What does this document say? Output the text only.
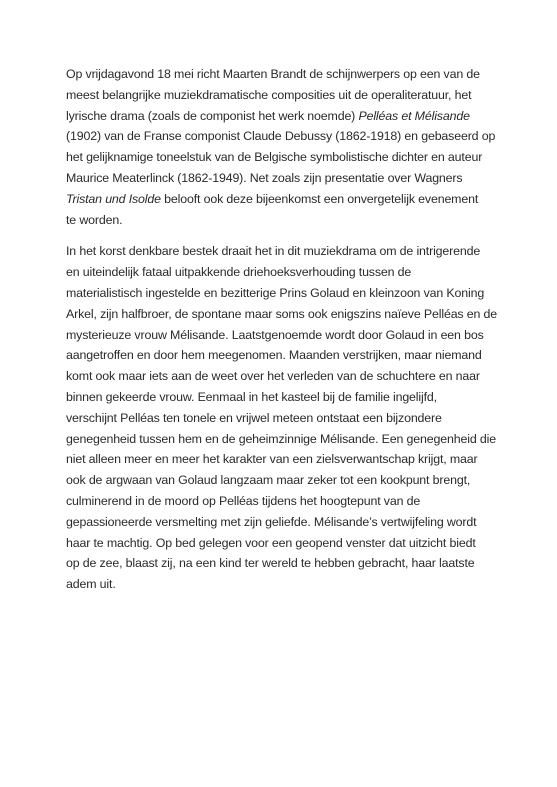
Op vrijdagavond 18 mei richt Maarten Brandt de schijnwerpers op een van de
meest belangrijke muziekdramatische composities uit de operaliteratuur, het
lyrische drama (zoals de componist het werk noemde) Pelléas et Mélisande
(1902) van de Franse componist Claude Debussy (1862-1918) en gebaseerd op
het gelijknamige toneelstuk van de Belgische symbolistische dichter en auteur
Maurice Meaterlinck (1862-1949). Net zoals zijn presentatie over Wagners
Tristan und Isolde belooft ook deze bijeenkomst een onvergetelijk evenement
te worden.

In het korst denkbare bestek draait het in dit muziekdrama om de intrigerende
en uiteindelijk fataal uitpakkende driehoeksverhouding tussen de
materialistisch ingestelde en bezitterige Prins Golaud en kleinzoon van Koning
Arkel, zijn halfbroer, de spontane maar soms ook enigszins naïeve Pelléas en de
mysterieuze vrouw Mélisande. Laatstgenoemde wordt door Golaud in een bos
aangetroffen en door hem meegenomen. Maanden verstrijken, maar niemand
komt ook maar iets aan de weet over het verleden van de schuchtere en naar
binnen gekeerde vrouw. Eenmaal in het kasteel bij de familie ingelijfd,
verschijnt Pelléas ten tonele en vrijwel meteen ontstaat een bijzondere
genegenheid tussen hem en de geheimzinnige Mélisande. Een genegenheid die
niet alleen meer en meer het karakter van een zielsverwantschap krijgt, maar
ook de argwaan van Golaud langzaam maar zeker tot een kookpunt brengt,
culminerend in de moord op Pelléas tijdens het hoogtepunt van de
gepassioneerde versmelting met zijn geliefde. Mélisande’s vertwijfeling wordt
haar te machtig. Op bed gelegen voor een geopend venster dat uitzicht biedt
op de zee, blaast zij, na een kind ter wereld te hebben gebracht, haar laatste
adem uit.
